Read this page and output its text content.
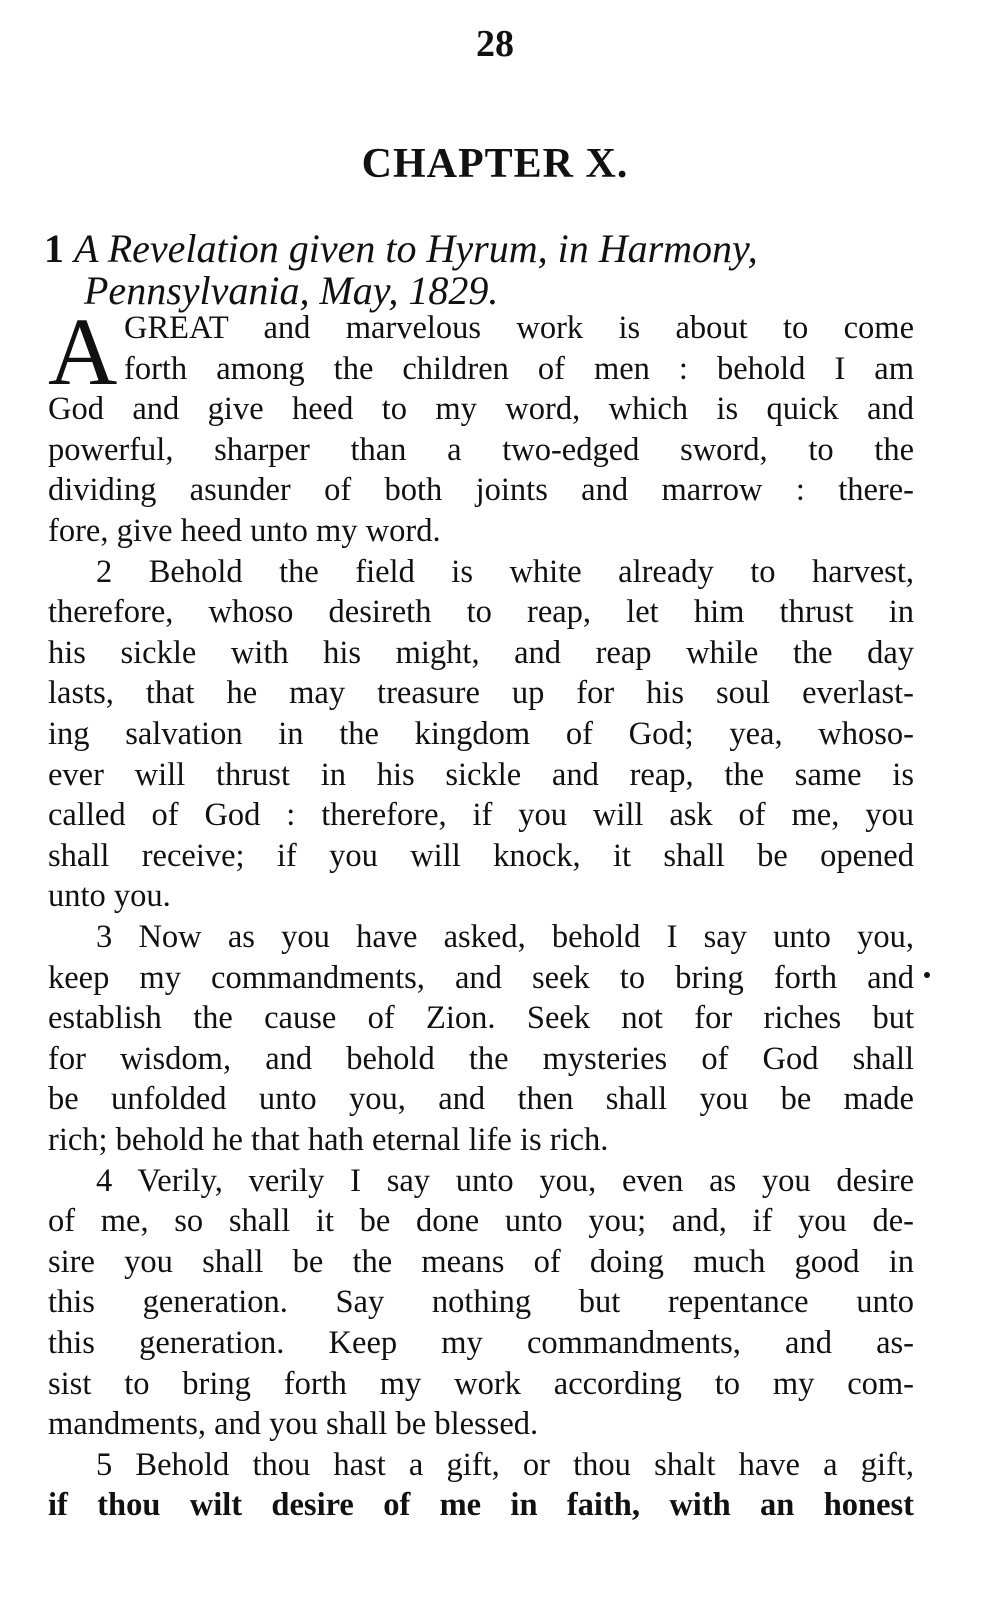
28
CHAPTER X.
1 A Revelation given to Hyrum, in Harmony,
Pennsylvania, May, 1829.
A GREAT and marvelous work is about to come
forth among the children of men : behold I am
God and give heed to my word, which is quick and
powerful, sharper than a two-edged sword, to the
dividing asunder of both joints and marrow : there-
fore, give heed unto my word.
2 Behold the field is white already to harvest,
therefore, whoso desireth to reap, let him thrust in
his sickle with his might, and reap while the day
lasts, that he may treasure up for his soul everlast-
ing salvation in the kingdom of God; yea, whoso-
ever will thrust in his sickle and reap, the same is
called of God : therefore, if you will ask of me, you
shall receive; if you will knock, it shall be opened
unto you.
3 Now as you have asked, behold I say unto you,
keep my commandments, and seek to bring forth and
establish the cause of Zion. Seek not for riches but
for wisdom, and behold the mysteries of God shall
be unfolded unto you, and then shall you be made
rich; behold he that hath eternal life is rich.
4 Verily, verily I say unto you, even as you desire
of me, so shall it be done unto you; and, if you de-
sire you shall be the means of doing much good in
this generation. Say nothing but repentance unto
this generation. Keep my commandments, and as-
sist to bring forth my work according to my com-
mandments, and you shall be blessed.
5 Behold thou hast a gift, or thou shalt have a gift,
if thou wilt desire of me in faith, with an honest
